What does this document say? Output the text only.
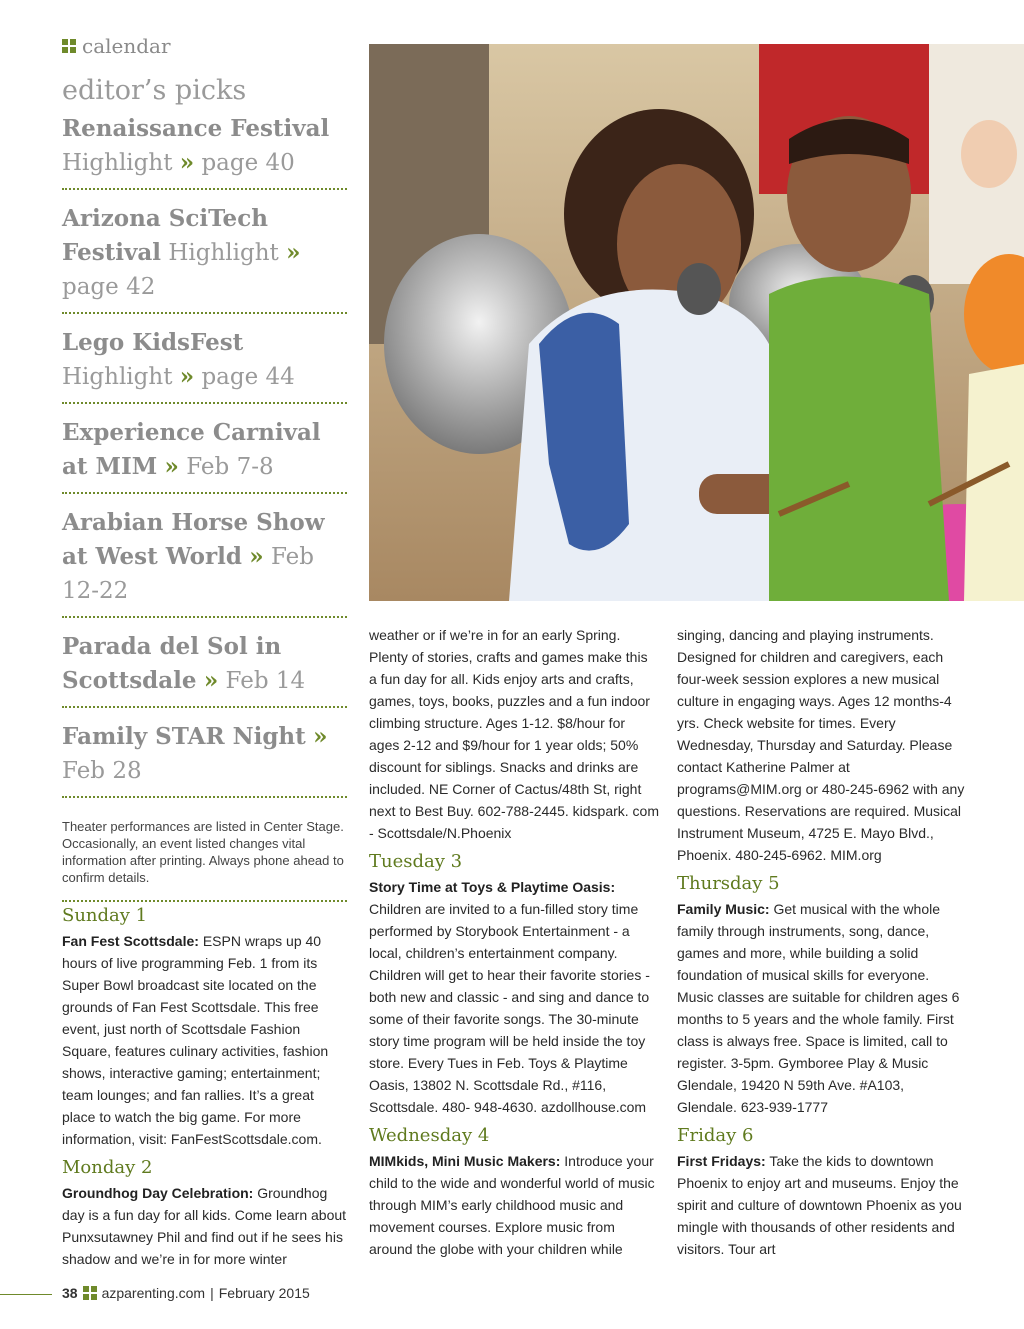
calendar
editor’s picks
Renaissance Festival Highlight » page 40
Arizona SciTech Festival Highlight » page 42
Lego KidsFest Highlight » page 44
Experience Carnival at MIM » Feb 7-8
Arabian Horse Show at West World » Feb 12-22
Parada del Sol in Scottsdale » Feb 14
Family STAR Night » Feb 28
Theater performances are listed in Center Stage. Occasionally, an event listed changes vital information after printing. Always phone ahead to confirm details.
Sunday 1

Fan Fest Scottsdale: ESPN wraps up 40 hours of live programming Feb. 1 from its Super Bowl broadcast site located on the grounds of Fan Fest Scottsdale. This free event, just north of Scottsdale Fashion Square, features culinary activities, fashion shows, interactive gaming; entertainment; team lounges; and fan rallies. It’s a great place to watch the big game. For more information, visit: FanFestScottsdale.com.

Monday 2

Groundhog Day Celebration: Groundhog day is a fun day for all kids. Come learn about Punxsutawney Phil and find out if he sees his shadow and we’re in for more winter

weather or if we’re in for an early Spring. Plenty of stories, crafts and games make this a fun day for all. Kids enjoy arts and crafts, games, toys, books, puzzles and a fun indoor climbing structure. Ages 1-12. $8/hour for ages 2-12 and $9/hour for 1 year olds; 50% discount for siblings. Snacks and drinks are included. NE Corner of Cactus/48th St, right next to Best Buy. 602-788-2445. kidspark. com - Scottsdale/N.Phoenix

Tuesday 3

Story Time at Toys & Playtime Oasis: Children are invited to a fun-filled story time performed by Storybook Entertainment - a local, children’s entertainment company. Children will get to hear their favorite stories - both new and classic - and sing and dance to some of their favorite songs. The 30-minute story time program will be held inside the toy store. Every Tues in Feb. Toys & Playtime Oasis, 13802 N. Scottsdale Rd., #116, Scottsdale. 480- 948-4630. azdollhouse.com

Wednesday 4

MIMkids, Mini Music Makers: Introduce your child to the wide and wonderful world of music through MIM’s early childhood music and movement courses. Explore music from around the globe with your children while

singing, dancing and playing instruments. Designed for children and caregivers, each four-week session explores a new musical culture in engaging ways. Ages 12 months-4 yrs. Check website for times. Every Wednesday, Thursday and Saturday. Please contact Katherine Palmer at programs@MIM.org or 480-245-6962 with any questions. Reservations are required. Musical Instrument Museum, 4725 E. Mayo Blvd., Phoenix. 480-245-6962. MIM.org

Thursday 5

Family Music: Get musical with the whole family through instruments, song, dance, games and more, while building a solid foundation of musical skills for everyone. Music classes are suitable for children ages 6 months to 5 years and the whole family. First class is always free. Space is limited, call to register. 3-5pm. Gymboree Play & Music Glendale, 19420 N 59th Ave. #A103, Glendale. 623-939-1777

Friday 6

First Fridays: Take the kids to downtown Phoenix to enjoy art and museums. Enjoy the spirit and culture of downtown Phoenix as you mingle with thousands of other residents and visitors. Tour art

38 azparenting.com | February 2015
